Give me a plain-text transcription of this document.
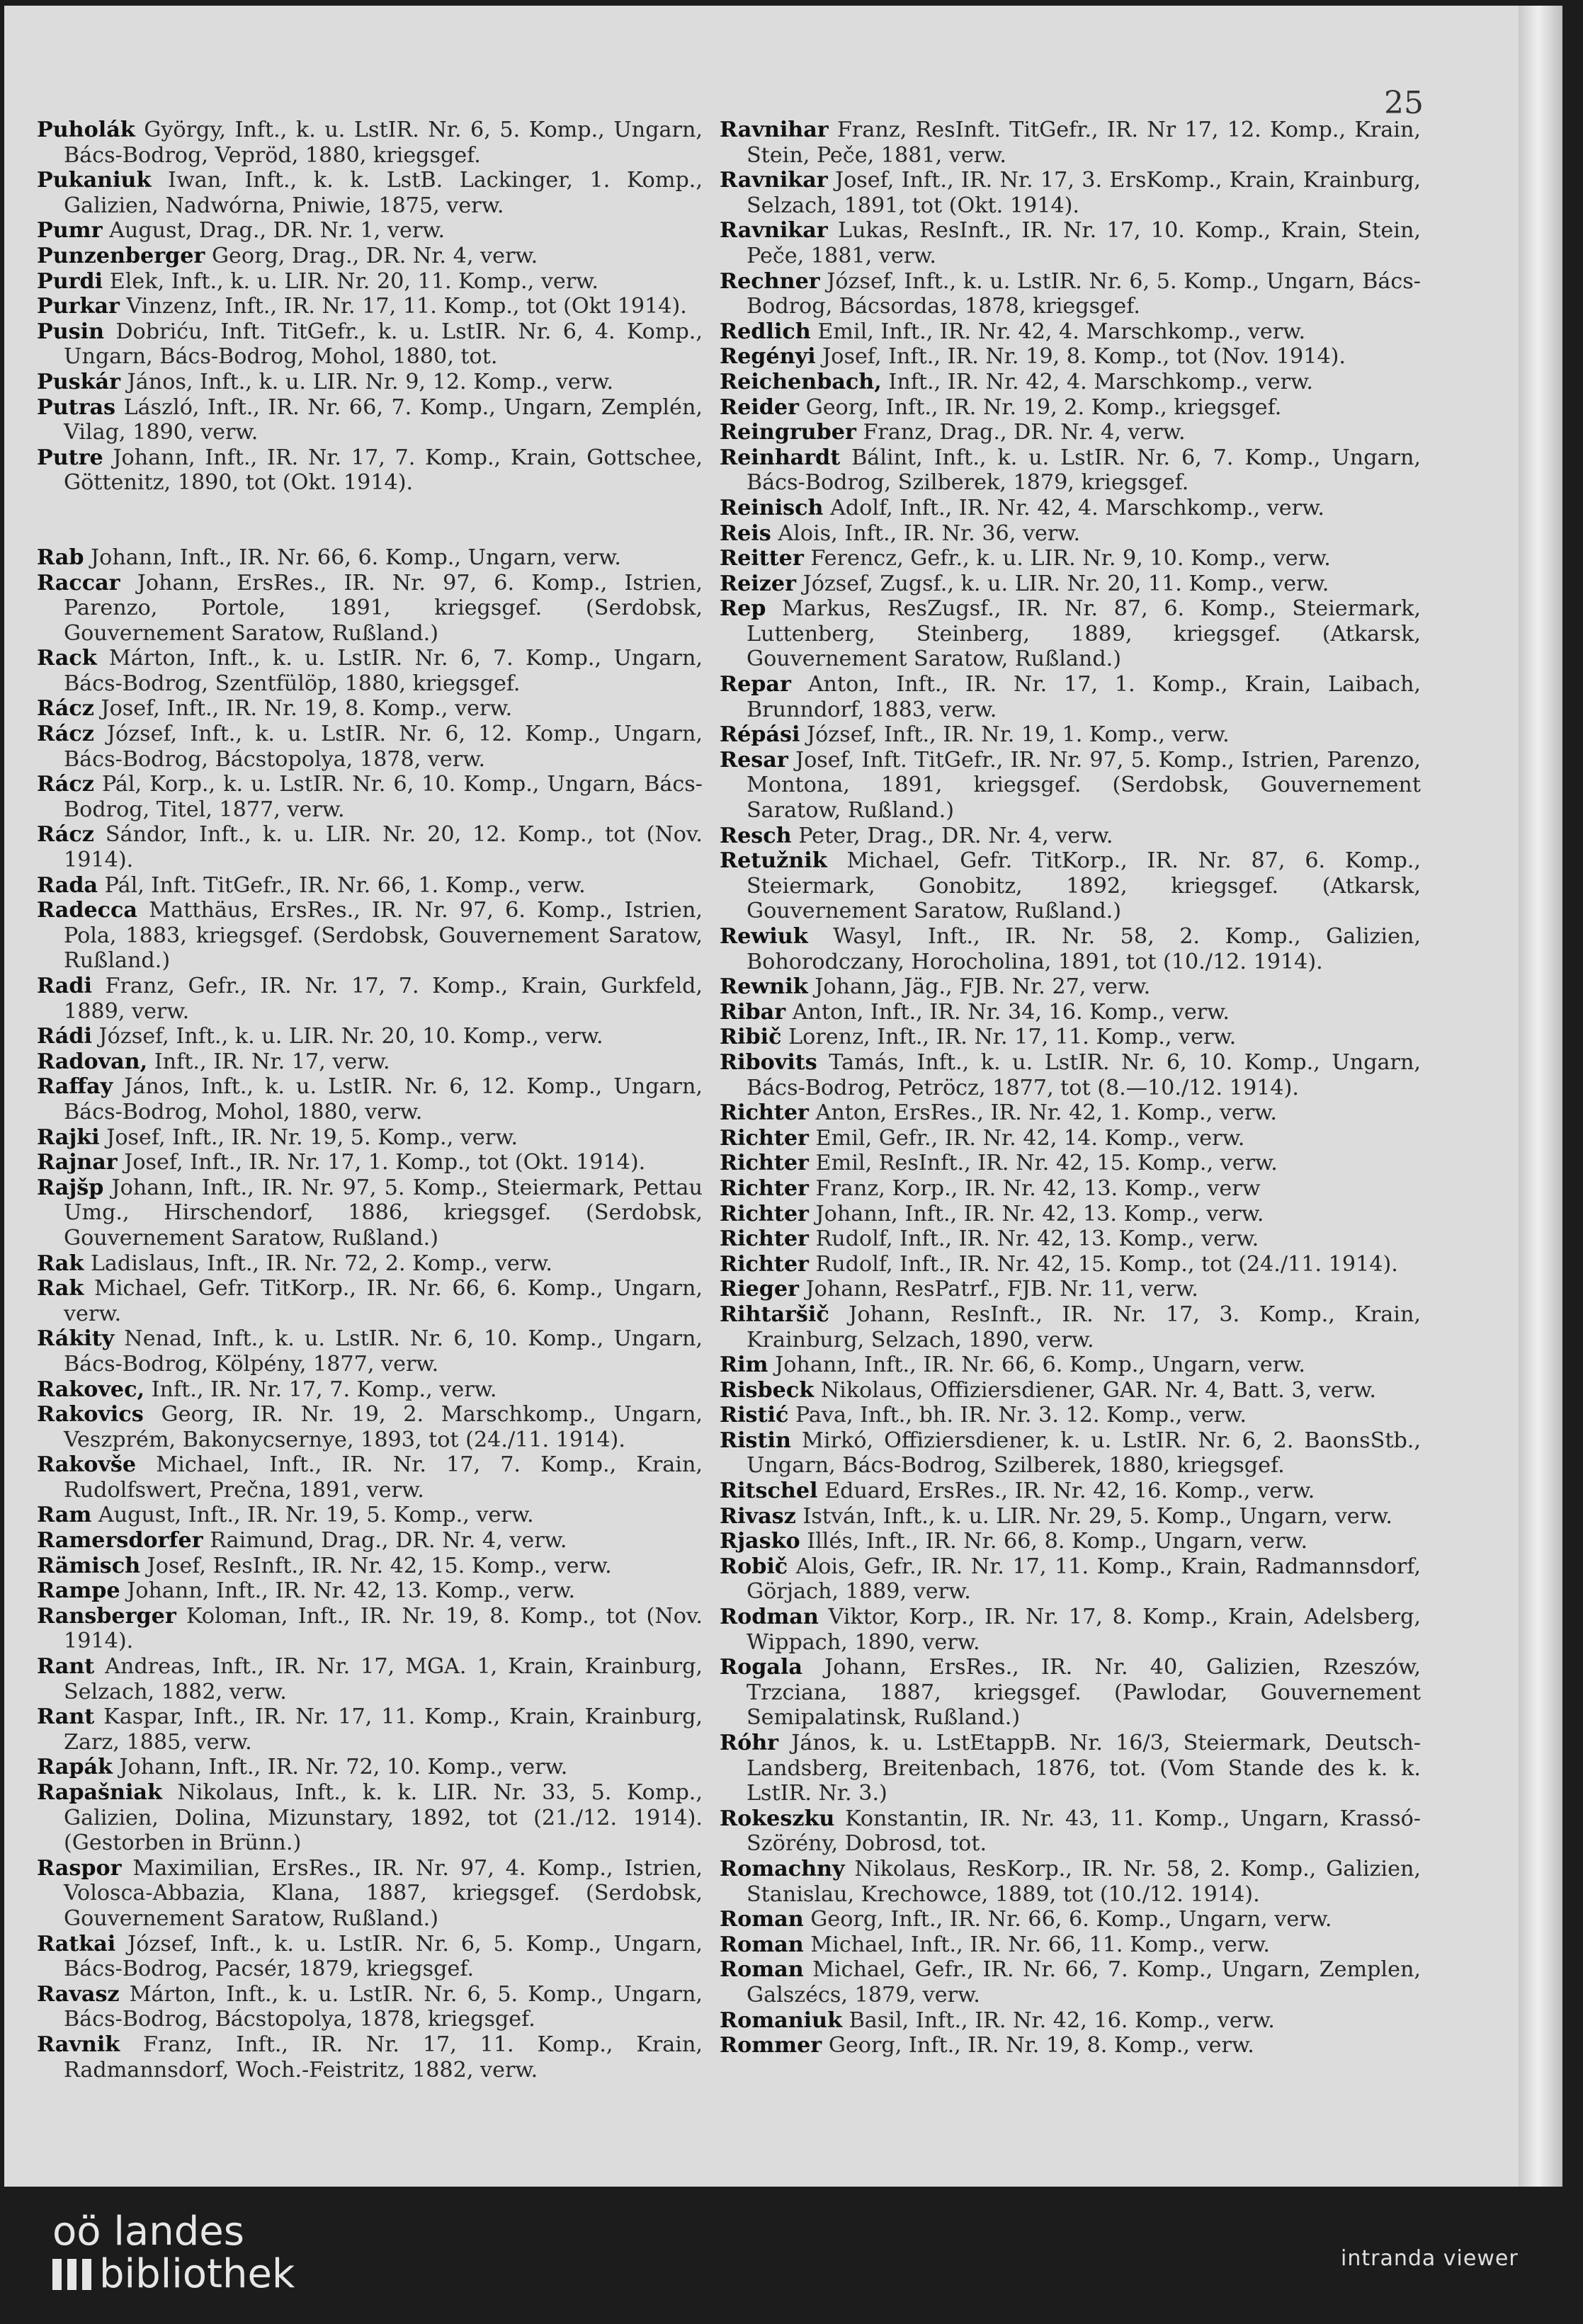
25
Puholák György, Inft., k. u. LstIR. Nr. 6, 5. Komp., Ungarn, Bács-Bodrog, Vepröd, 1880, kriegsgef.
Pukaniuk Iwan, Inft., k. k. LstB. Lackinger, 1. Komp., Galizien, Nadwórna, Pniwie, 1875, verw.
Pumr August, Drag., DR. Nr. 1, verw.
Punzenberger Georg, Drag., DR. Nr. 4, verw.
Purdi Elek, Inft., k. u. LIR. Nr. 20, 11. Komp., verw.
Purkar Vinzenz, Inft., IR. Nr. 17, 11. Komp., tot (Okt 1914).
Pusin Dobriću, Inft. TitGefr., k. u. LstIR. Nr. 6, 4. Komp., Ungarn, Bács-Bodrog, Mohol, 1880, tot.
Puskár János, Inft., k. u. LIR. Nr. 9, 12. Komp., verw.
Putras László, Inft., IR. Nr. 66, 7. Komp., Ungarn, Zemplén, Vilag, 1890, verw.
Putre Johann, Inft., IR. Nr. 17, 7. Komp., Krain, Gottschee, Göttenitz, 1890, tot (Okt. 1914).
Rab Johann, Inft., IR. Nr. 66, 6. Komp., Ungarn, verw.
Raccar Johann, ErsRes., IR. Nr. 97, 6. Komp., Istrien, Parenzo, Portole, 1891, kriegsgef. (Serdobsk, Gouvernement Saratow, Rußland.)
Rack Márton, Inft., k. u. LstIR. Nr. 6, 7. Komp., Ungarn, Bács-Bodrog, Szentfülöp, 1880, kriegsgef.
Rácz Josef, Inft., IR. Nr. 19, 8. Komp., verw.
Rácz József, Inft., k. u. LstIR. Nr. 6, 12. Komp., Ungarn, Bács-Bodrog, Bácstopolya, 1878, verw.
Rácz Pál, Korp., k. u. LstIR. Nr. 6, 10. Komp., Ungarn, Bács-Bodrog, Titel, 1877, verw.
Rácz Sándor, Inft., k. u. LIR. Nr. 20, 12. Komp., tot (Nov. 1914).
Rada Pál, Inft. TitGefr., IR. Nr. 66, 1. Komp., verw.
Radecca Matthäus, ErsRes., IR. Nr. 97, 6. Komp., Istrien, Pola, 1883, kriegsgef. (Serdobsk, Gouvernement Saratow, Rußland.)
Radi Franz, Gefr., IR. Nr. 17, 7. Komp., Krain, Gurkfeld, 1889, verw.
Rádi József, Inft., k. u. LIR. Nr. 20, 10. Komp., verw.
Radovan, Inft., IR. Nr. 17, verw.
Raffay János, Inft., k. u. LstIR. Nr. 6, 12. Komp., Ungarn, Bács-Bodrog, Mohol, 1880, verw.
Rajki Josef, Inft., IR. Nr. 19, 5. Komp., verw.
Rajnar Josef, Inft., IR. Nr. 17, 1. Komp., tot (Okt. 1914).
Rajšp Johann, Inft., IR. Nr. 97, 5. Komp., Steiermark, Pettau Umg., Hirschendorf, 1886, kriegsgef. (Serdobsk, Gouvernement Saratow, Rußland.)
Rak Ladislaus, Inft., IR. Nr. 72, 2. Komp., verw.
Rak Michael, Gefr. TitKorp., IR. Nr. 66, 6. Komp., Ungarn, verw.
Rákity Nenad, Inft., k. u. LstIR. Nr. 6, 10. Komp., Ungarn, Bács-Bodrog, Kölpény, 1877, verw.
Rakovec, Inft., IR. Nr. 17, 7. Komp., verw.
Rakovics Georg, IR. Nr. 19, 2. Marschkomp., Ungarn, Veszprém, Bakonycsernye, 1893, tot (24./11. 1914).
Rakovše Michael, Inft., IR. Nr. 17, 7. Komp., Krain, Rudolfswert, Prečna, 1891, verw.
Ram August, Inft., IR. Nr. 19, 5. Komp., verw.
Ramersdorfer Raimund, Drag., DR. Nr. 4, verw.
Rämisch Josef, ResInft., IR. Nr. 42, 15. Komp., verw.
Rampe Johann, Inft., IR. Nr. 42, 13. Komp., verw.
Ransberger Koloman, Inft., IR. Nr. 19, 8. Komp., tot (Nov. 1914).
Rant Andreas, Inft., IR. Nr. 17, MGA. 1, Krain, Krainburg, Selzach, 1882, verw.
Rant Kaspar, Inft., IR. Nr. 17, 11. Komp., Krain, Krainburg, Zarz, 1885, verw.
Rapák Johann, Inft., IR. Nr. 72, 10. Komp., verw.
Rapašniak Nikolaus, Inft., k. k. LIR. Nr. 33, 5. Komp., Galizien, Dolina, Mizunstary, 1892, tot (21./12. 1914). (Gestorben in Brünn.)
Raspor Maximilian, ErsRes., IR. Nr. 97, 4. Komp., Istrien, Volosca-Abbazia, Klana, 1887, kriegsgef. (Serdobsk, Gouvernement Saratow, Rußland.)
Ratkai József, Inft., k. u. LstIR. Nr. 6, 5. Komp., Ungarn, Bács-Bodrog, Pacsér, 1879, kriegsgef.
Ravasz Márton, Inft., k. u. LstIR. Nr. 6, 5. Komp., Ungarn, Bács-Bodrog, Bácstopolya, 1878, kriegsgef.
Ravnik Franz, Inft., IR. Nr. 17, 11. Komp., Krain, Radmannsdorf, Woch.-Feistritz, 1882, verw.
Ravnihar Franz, ResInft. TitGefr., IR. Nr 17, 12. Komp., Krain, Stein, Peče, 1881, verw.
Ravnikar Josef, Inft., IR. Nr. 17, 3. ErsKomp., Krain, Krainburg, Selzach, 1891, tot (Okt. 1914).
Ravnikar Lukas, ResInft., IR. Nr. 17, 10. Komp., Krain, Stein, Peče, 1881, verw.
Rechner József, Inft., k. u. LstIR. Nr. 6, 5. Komp., Ungarn, Bács-Bodrog, Bácsordas, 1878, kriegsgef.
Redlich Emil, Inft., IR. Nr. 42, 4. Marschkomp., verw.
Regényi Josef, Inft., IR. Nr. 19, 8. Komp., tot (Nov. 1914).
Reichenbach, Inft., IR. Nr. 42, 4. Marschkomp., verw.
Reider Georg, Inft., IR. Nr. 19, 2. Komp., kriegsgef.
Reingruber Franz, Drag., DR. Nr. 4, verw.
Reinhardt Bálint, Inft., k. u. LstIR. Nr. 6, 7. Komp., Ungarn, Bács-Bodrog, Szilberek, 1879, kriegsgef.
Reinisch Adolf, Inft., IR. Nr. 42, 4. Marschkomp., verw.
Reis Alois, Inft., IR. Nr. 36, verw.
Reitter Ferencz, Gefr., k. u. LIR. Nr. 9, 10. Komp., verw.
Reizer József, Zugsf., k. u. LIR. Nr. 20, 11. Komp., verw.
Rep Markus, ResZugsf., IR. Nr. 87, 6. Komp., Steiermark, Luttenberg, Steinberg, 1889, kriegsgef. (Atkarsk, Gouvernement Saratow, Rußland.)
Repar Anton, Inft., IR. Nr. 17, 1. Komp., Krain, Laibach, Brunndorf, 1883, verw.
Répási József, Inft., IR. Nr. 19, 1. Komp., verw.
Resar Josef, Inft. TitGefr., IR. Nr. 97, 5. Komp., Istrien, Parenzo, Montona, 1891, kriegsgef. (Serdobsk, Gouvernement Saratow, Rußland.)
Resch Peter, Drag., DR. Nr. 4, verw.
Retužnik Michael, Gefr. TitKorp., IR. Nr. 87, 6. Komp., Steiermark, Gonobitz, 1892, kriegsgef. (Atkarsk, Gouvernement Saratow, Rußland.)
Rewiuk Wasyl, Inft., IR. Nr. 58, 2. Komp., Galizien, Bohorodczany, Horocholina, 1891, tot (10./12. 1914).
Rewnik Johann, Jäg., FJB. Nr. 27, verw.
Ribar Anton, Inft., IR. Nr. 34, 16. Komp., verw.
Ribič Lorenz, Inft., IR. Nr. 17, 11. Komp., verw.
Ribovits Tamás, Inft., k. u. LstIR. Nr. 6, 10. Komp., Ungarn, Bács-Bodrog, Petröcz, 1877, tot (8.—10./12. 1914).
Richter Anton, ErsRes., IR. Nr. 42, 1. Komp., verw.
Richter Emil, Gefr., IR. Nr. 42, 14. Komp., verw.
Richter Emil, ResInft., IR. Nr. 42, 15. Komp., verw.
Richter Franz, Korp., IR. Nr. 42, 13. Komp., verw
Richter Johann, Inft., IR. Nr. 42, 13. Komp., verw.
Richter Rudolf, Inft., IR. Nr. 42, 13. Komp., verw.
Richter Rudolf, Inft., IR. Nr. 42, 15. Komp., tot (24./11. 1914).
Rieger Johann, ResPatrf., FJB. Nr. 11, verw.
Rihtaršič Johann, ResInft., IR. Nr. 17, 3. Komp., Krain, Krainburg, Selzach, 1890, verw.
Rim Johann, Inft., IR. Nr. 66, 6. Komp., Ungarn, verw.
Risbeck Nikolaus, Offiziersdiener, GAR. Nr. 4, Batt. 3, verw.
Ristić Pava, Inft., bh. IR. Nr. 3. 12. Komp., verw.
Ristin Mirkó, Offiziersdiener, k. u. LstIR. Nr. 6, 2. BaonsStb., Ungarn, Bács-Bodrog, Szilberek, 1880, kriegsgef.
Ritschel Eduard, ErsRes., IR. Nr. 42, 16. Komp., verw.
Rivasz István, Inft., k. u. LIR. Nr. 29, 5. Komp., Ungarn, verw.
Rjasko Illés, Inft., IR. Nr. 66, 8. Komp., Ungarn, verw.
Robič Alois, Gefr., IR. Nr. 17, 11. Komp., Krain, Radmannsdorf, Görjach, 1889, verw.
Rodman Viktor, Korp., IR. Nr. 17, 8. Komp., Krain, Adelsberg, Wippach, 1890, verw.
Rogala Johann, ErsRes., IR. Nr. 40, Galizien, Rzeszów, Trzciana, 1887, kriegsgef. (Pawlodar, Gouvernement Semipalatinsk, Rußland.)
Róhr János, k. u. LstEtappB. Nr. 16/3, Steiermark, Deutsch-Landsberg, Breitenbach, 1876, tot. (Vom Stande des k. k. LstIR. Nr. 3.)
Rokeszku Konstantin, IR. Nr. 43, 11. Komp., Ungarn, Krassó-Szörény, Dobrosd, tot.
Romachny Nikolaus, ResKorp., IR. Nr. 58, 2. Komp., Galizien, Stanislau, Krechowce, 1889, tot (10./12. 1914).
Roman Georg, Inft., IR. Nr. 66, 6. Komp., Ungarn, verw.
Roman Michael, Inft., IR. Nr. 66, 11. Komp., verw.
Roman Michael, Gefr., IR. Nr. 66, 7. Komp., Ungarn, Zemplen, Galszécs, 1879, verw.
Romaniuk Basil, Inft., IR. Nr. 42, 16. Komp., verw.
Rommer Georg, Inft., IR. Nr. 19, 8. Komp., verw.
oö landes
bibliothek	intranda viewer
